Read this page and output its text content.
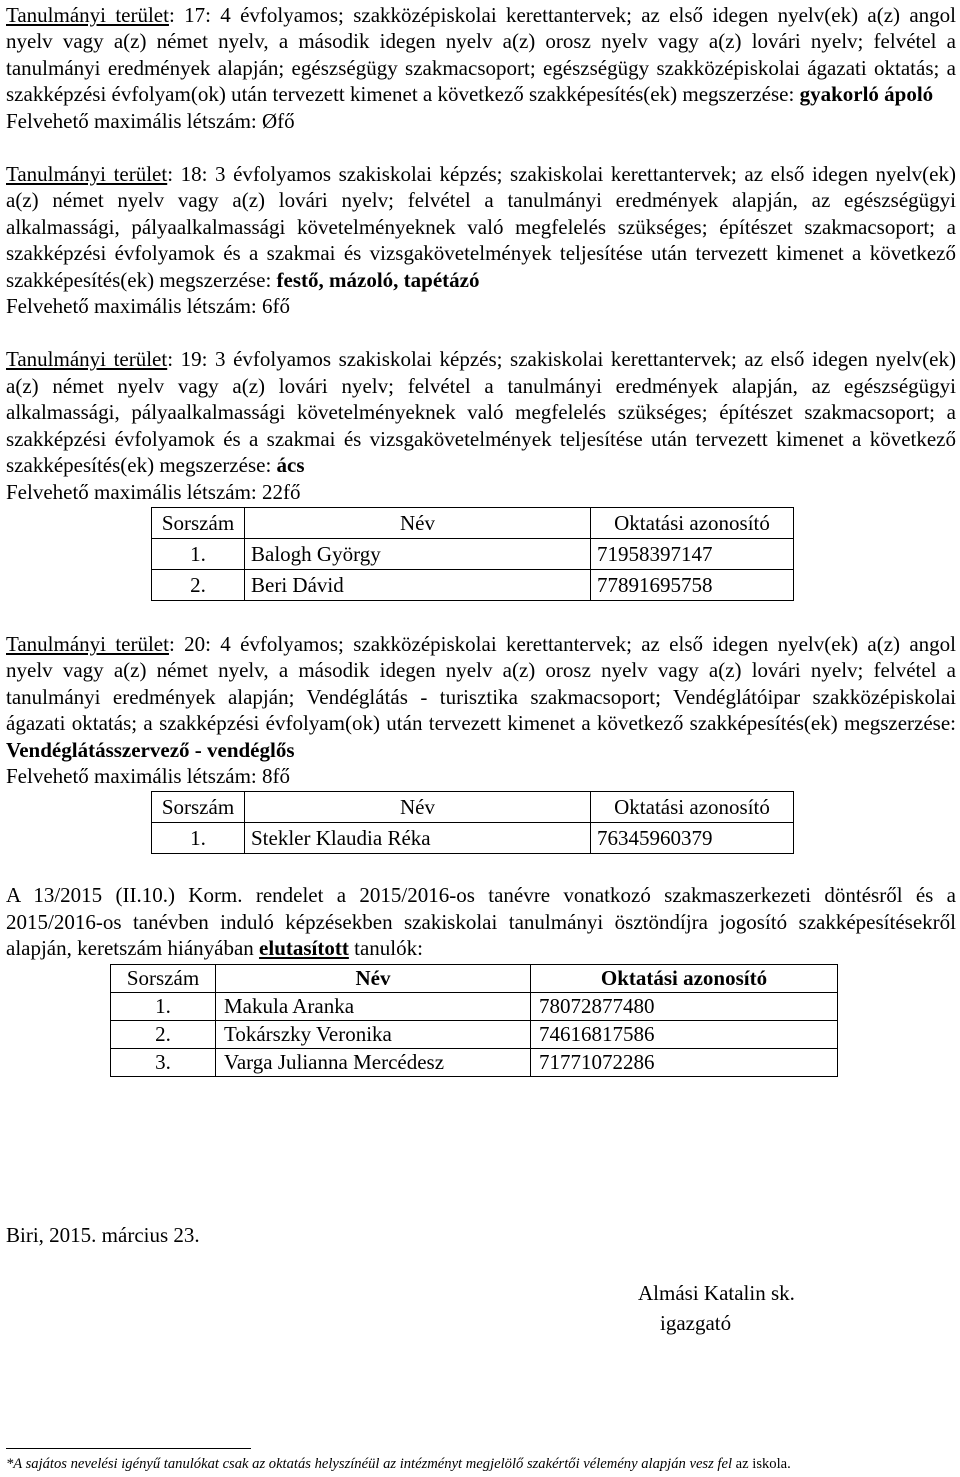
Tanulmányi terület: 17: 4 évfolyamos; szakközépiskolai kerettantervek; az első idegen nyelv(ek) a(z) angol nyelv vagy a(z) német nyelv, a második idegen nyelv a(z) orosz nyelv vagy a(z) lovári nyelv; felvétel a tanulmányi eredmények alapján; egészségügy szakmacsoport; egészségügy szakközépiskolai ágazati oktatás; a szakképzési évfolyam(ok) után tervezett kimenet a következő szakképesítés(ek) megszerzése: gyakorló ápoló
Felvehető maximális létszám: Øfő
Tanulmányi terület: 18: 3 évfolyamos szakiskolai képzés; szakiskolai kerettantervek; az első idegen nyelv(ek) a(z) német nyelv vagy a(z) lovári nyelv; felvétel a tanulmányi eredmények alapján, az egészségügyi alkalmassági, pályaalkalmassági követelményeknek való megfelelés szükséges; építészet szakmacsoport; a szakképzési évfolyamok és a szakmai és vizsgakövetelmények teljesítése után tervezett kimenet a következő szakképesítés(ek) megszerzése: festő, mázoló, tapétázó
Felvehető maximális létszám: 6fő
Tanulmányi terület: 19: 3 évfolyamos szakiskolai képzés; szakiskolai kerettantervek; az első idegen nyelv(ek) a(z) német nyelv vagy a(z) lovári nyelv; felvétel a tanulmányi eredmények alapján, az egészségügyi alkalmassági, pályaalkalmassági követelményeknek való megfelelés szükséges; építészet szakmacsoport; a szakképzési évfolyamok és a szakmai és vizsgakövetelmények teljesítése után tervezett kimenet a következő szakképesítés(ek) megszerzése: ács
Felvehető maximális létszám: 22fő
Sorszám	Név	Oktatási azonosító
1.	Balogh György	71958397147
2.	Beri Dávid	77891695758
Tanulmányi terület: 20: 4 évfolyamos; szakközépiskolai kerettantervek; az első idegen nyelv(ek) a(z) angol nyelv vagy a(z) német nyelv, a második idegen nyelv a(z) orosz nyelv vagy a(z) lovári nyelv; felvétel a tanulmányi eredmények alapján; Vendéglátás - turisztika szakmacsoport; Vendéglátóipar szakközépiskolai ágazati oktatás; a szakképzési évfolyam(ok) után tervezett kimenet a következő szakképesítés(ek) megszerzése: Vendéglátásszervező - vendéglős
Felvehető maximális létszám: 8fő
Sorszám	Név	Oktatási azonosító
1.	Stekler Klaudia Réka	76345960379
A 13/2015 (II.10.) Korm. rendelet a 2015/2016-os tanévre vonatkozó szakmaszerkezeti döntésről és a 2015/2016-os tanévben induló képzésekben szakiskolai tanulmányi ösztöndíjra jogosító szakképesítésekről alapján, keretszám hiányában elutasított tanulók:
Sorszám	Név	Oktatási azonosító
1.	Makula Aranka	78072877480
2.	Tokárszky Veronika	74616817586
3.	Varga Julianna Mercédesz	71771072286
Biri, 2015. március 23.
Almási Katalin sk.
igazgató
*A sajátos nevelési igényű tanulókat csak az oktatás helyszínéül az intézményt megjelölő szakértői vélemény alapján vesz fel az iskola.
